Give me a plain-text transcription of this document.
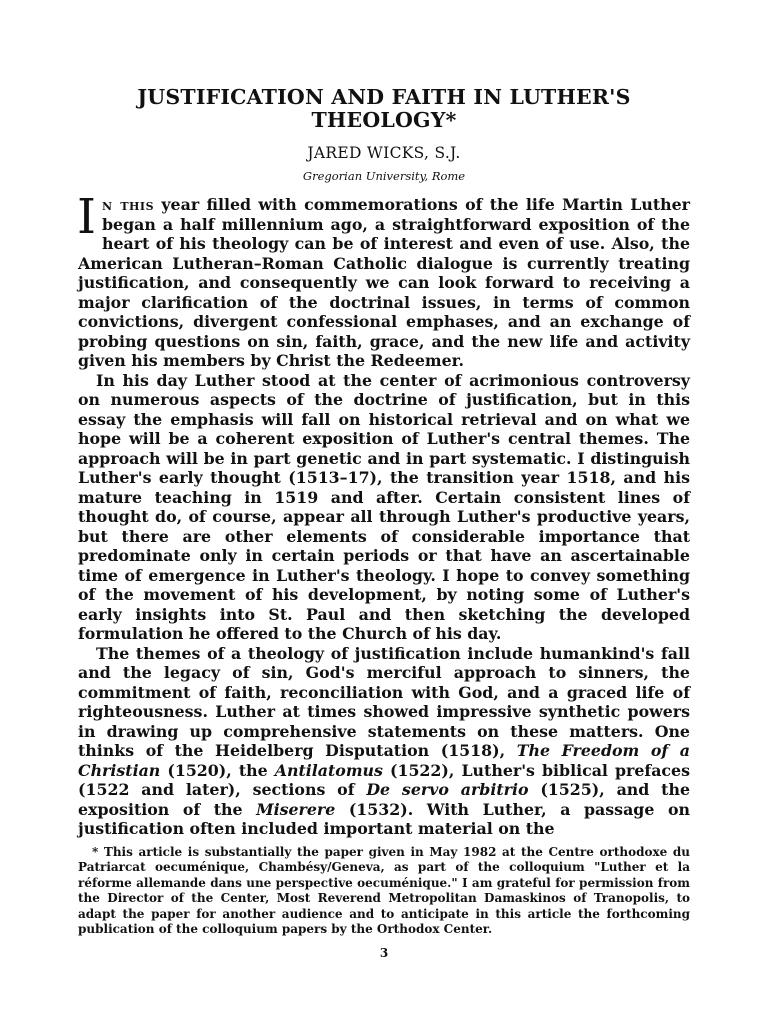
JUSTIFICATION AND FAITH IN LUTHER'S
THEOLOGY*
JARED WICKS, S.J.
Gregorian University, Rome

In this year filled with commemorations of the life Martin Luther began a half millennium ago, a straightforward exposition of the heart of his theology can be of interest and even of use. Also, the American Lutheran–Roman Catholic dialogue is currently treating justification, and consequently we can look forward to receiving a major clarification of the doctrinal issues, in terms of common convictions, divergent confessional emphases, and an exchange of probing questions on sin, faith, grace, and the new life and activity given his members by Christ the Redeemer.

In his day Luther stood at the center of acrimonious controversy on numerous aspects of the doctrine of justification, but in this essay the emphasis will fall on historical retrieval and on what we hope will be a coherent exposition of Luther's central themes. The approach will be in part genetic and in part systematic. I distinguish Luther's early thought (1513–17), the transition year 1518, and his mature teaching in 1519 and after. Certain consistent lines of thought do, of course, appear all through Luther's productive years, but there are other elements of considerable importance that predominate only in certain periods or that have an ascertainable time of emergence in Luther's theology. I hope to convey something of the movement of his development, by noting some of Luther's early insights into St. Paul and then sketching the developed formulation he offered to the Church of his day.

The themes of a theology of justification include humankind's fall and the legacy of sin, God's merciful approach to sinners, the commitment of faith, reconciliation with God, and a graced life of righteousness. Luther at times showed impressive synthetic powers in drawing up comprehensive statements on these matters. One thinks of the Heidelberg Disputation (1518), The Freedom of a Christian (1520), the Antilatomus (1522), Luther's biblical prefaces (1522 and later), sections of De servo arbitrio (1525), and the exposition of the Miserere (1532). With Luther, a passage on justification often included important material on the

* This article is substantially the paper given in May 1982 at the Centre orthodoxe du Patriarcat oecuménique, Chambésy/Geneva, as part of the colloquium "Luther et la réforme allemande dans une perspective oecuménique." I am grateful for permission from the Director of the Center, Most Reverend Metropolitan Damaskinos of Tranopolis, to adapt the paper for another audience and to anticipate in this article the forthcoming publication of the colloquium papers by the Orthodox Center.

3
